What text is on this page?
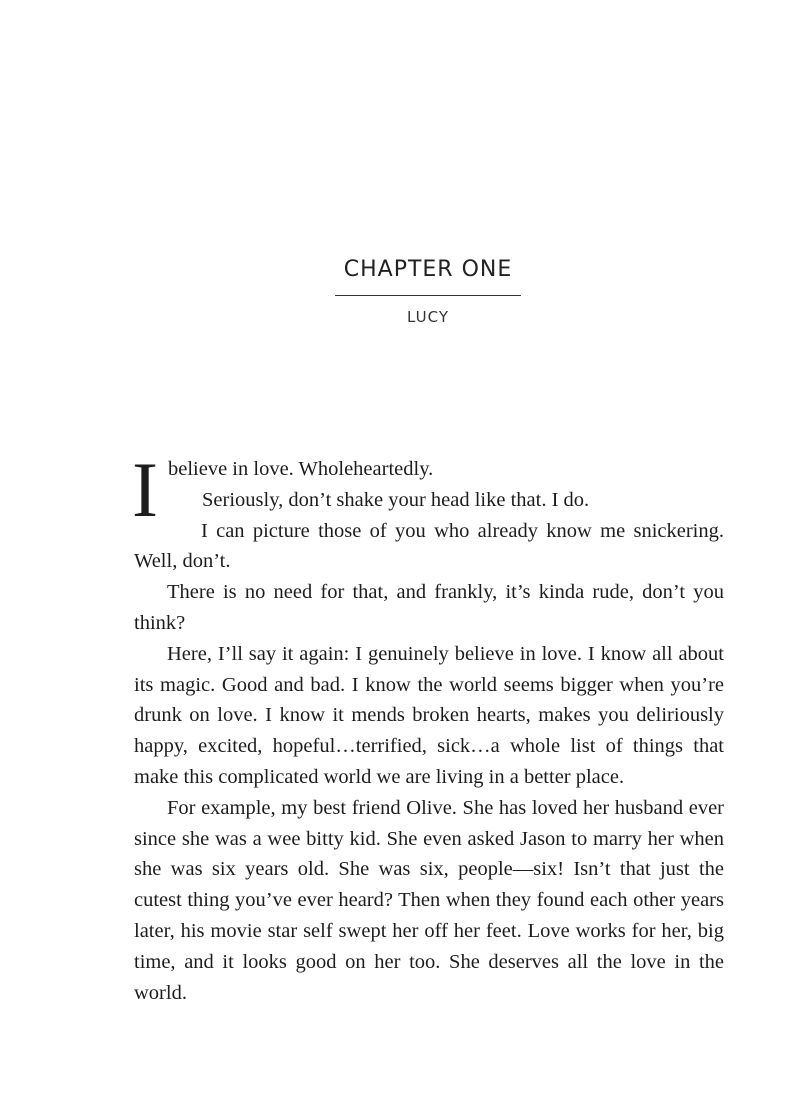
CHAPTER ONE
LUCY

I believe in love. Wholeheartedly.

Seriously, don’t shake your head like that. I do.

I can picture those of you who already know me snickering. Well, don’t.

There is no need for that, and frankly, it’s kinda rude, don’t you think?

Here, I’ll say it again: I genuinely believe in love. I know all about its magic. Good and bad. I know the world seems bigger when you’re drunk on love. I know it mends broken hearts, makes you deliriously happy, excited, hopeful…terrified, sick…a whole list of things that make this complicated world we are living in a better place.

For example, my best friend Olive. She has loved her husband ever since she was a wee bitty kid. She even asked Jason to marry her when she was six years old. She was six, people—six! Isn’t that just the cutest thing you’ve ever heard? Then when they found each other years later, his movie star self swept her off her feet. Love works for her, big time, and it looks good on her too. She deserves all the love in the world.
